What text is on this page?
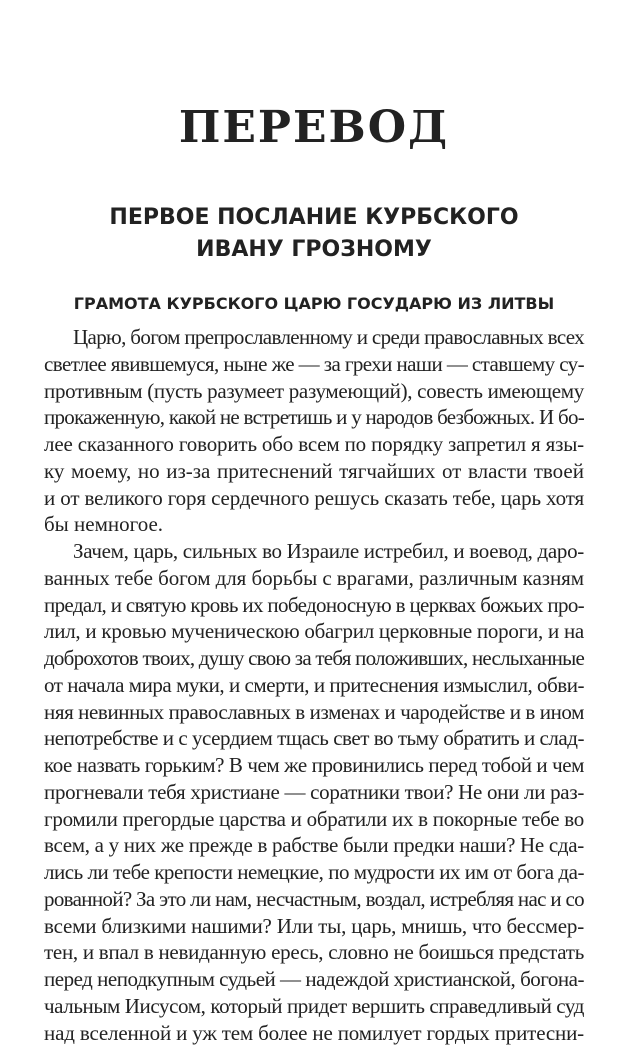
ПЕРЕВОД
ПЕРВОЕ ПОСЛАНИЕ КУРБСКОГО
ИВАНУ ГРОЗНОМУ
ГРАМОТА КУРБСКОГО ЦАРЮ ГОСУДАРЮ ИЗ ЛИТВЫ
Царю, богом препрославленному и среди православных всех
светлее явившемуся, ныне же — за грехи наши — ставшему су-
противным (пусть разумеет разумеющий), совесть имеющему
прокаженную, какой не встретишь и у народов безбожных. И бо-
лее сказанного говорить обо всем по порядку запретил я язы-
ку моему, но из-за притеснений тягчайших от власти твоей
и от великого горя сердечного решусь сказать тебе, царь хотя
бы немногое.
Зачем, царь, сильных во Израиле истребил, и воевод, даро-
ванных тебе богом для борьбы с врагами, различным казням
предал, и святую кровь их победоносную в церквах божьих про-
лил, и кровью мученическою обагрил церковные пороги, и на
доброхотов твоих, душу свою за тебя положивших, неслыханные
от начала мира муки, и смерти, и притеснения измыслил, обви-
няя невинных православных в изменах и чародействе и в ином
непотребстве и с усердием тщась свет во тьму обратить и слад-
кое назвать горьким? В чем же провинились перед тобой и чем
прогневали тебя христиане — соратники твои? Не они ли раз-
громили прегордые царства и обратили их в покорные тебе во
всем, а у них же прежде в рабстве были предки наши? Не сда-
лись ли тебе крепости немецкие, по мудрости их им от бога да-
рованной? За это ли нам, несчастным, воздал, истребляя нас и со
всеми близкими нашими? Или ты, царь, мнишь, что бессмер-
тен, и впал в невиданную ересь, словно не боишься предстать
перед неподкупным судьей — надеждой христианской, богона-
чальным Иисусом, который придет вершить справедливый суд
над вселенной и уж тем более не помилует гордых притесни-
